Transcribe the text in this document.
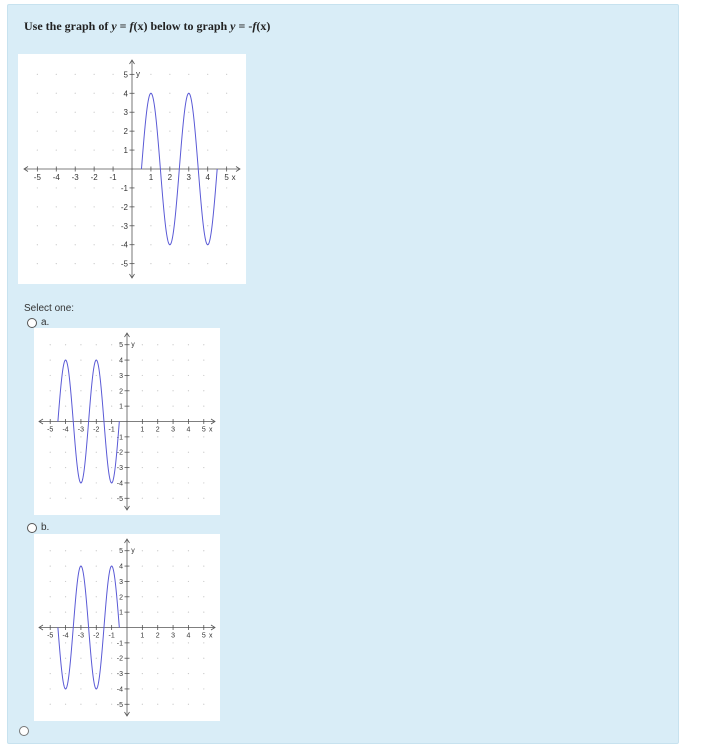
Use the graph of y = f(x) below to graph y = -f(x)
-5 -4 -3 -2 -1	1 2 3 4 5
5
4
3
2
1
-1
-2
-3
-4
-5
x
y
Select one:
a.
-5 -4 -3 -2 -1	1 2 3 4 5
5
4
3
2
1
-1
-2
-3
-4
-5
x
y
b.
-5 -4 -3 -2 -1	1 2 3 4 5
5
4
3
2
1
-1
-2
-3
-4
-5
x
y
